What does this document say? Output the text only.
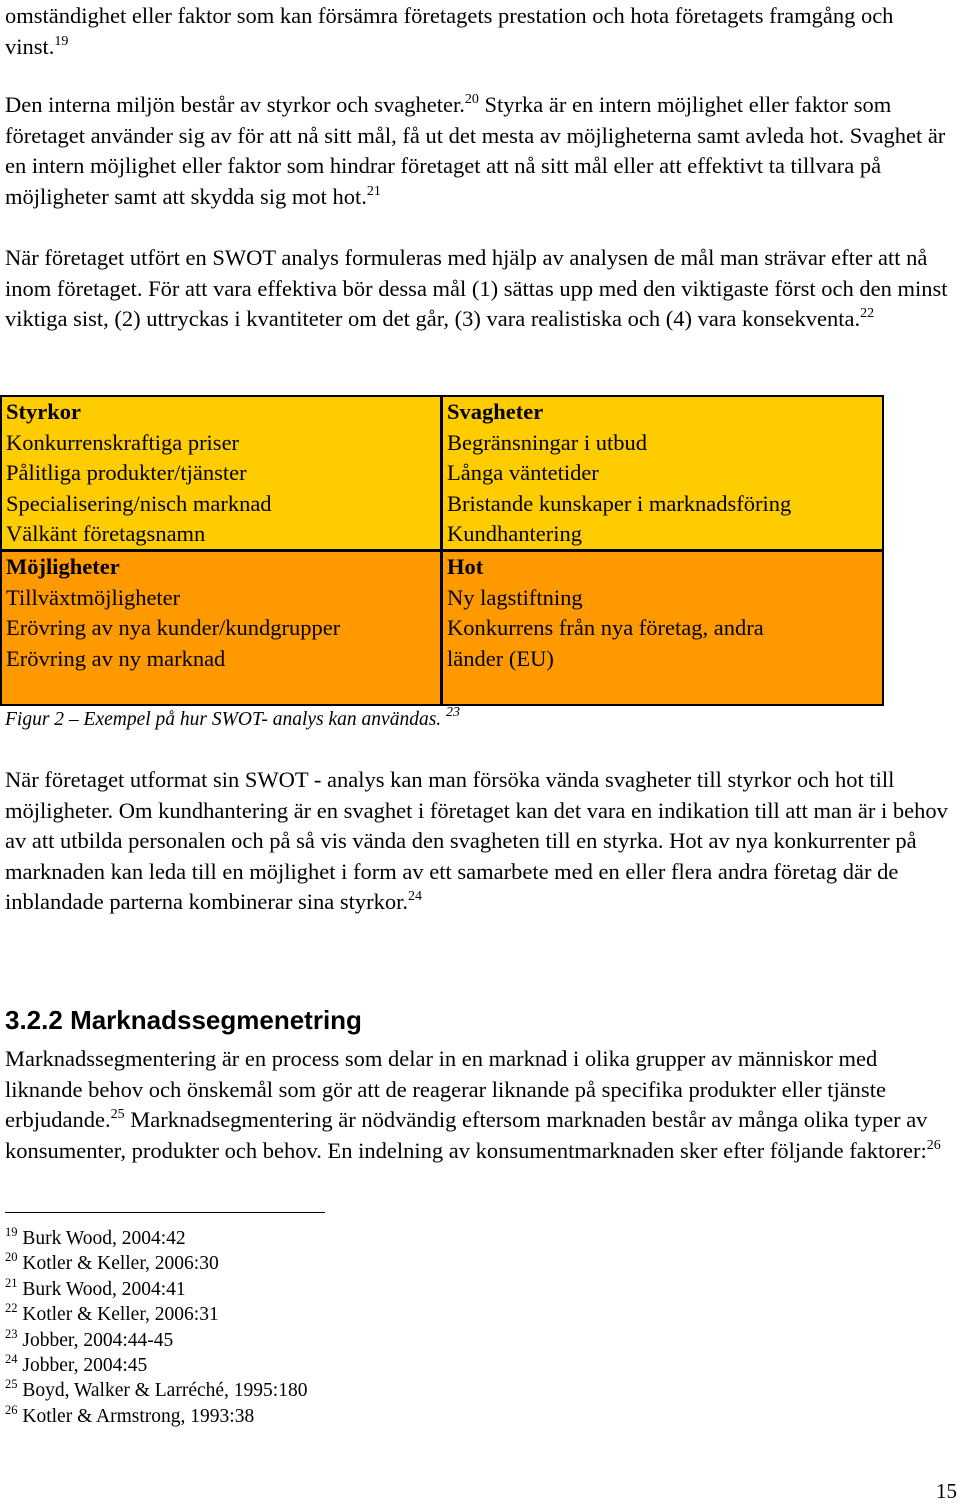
omständighet eller faktor som kan försämra företagets prestation och hota företagets framgång och vinst.$^{19}$

Den interna miljön består av styrkor och svagheter.$^{20}$ Styrka är en intern möjlighet eller faktor som företaget använder sig av för att nå sitt mål, få ut det mesta av möjligheterna samt avleda hot. Svaghet är en intern möjlighet eller faktor som hindrar företaget att nå sitt mål eller att effektivt ta tillvara på möjligheter samt att skydda sig mot hot.$^{21}$

När företaget utfört en SWOT analys formuleras med hjälp av analysen de mål man strävar efter att nå inom företaget. För att vara effektiva bör dessa mål (1) sättas upp med den viktigaste först och den minst viktiga sist, (2) uttryckas i kvantiteter om det går, (3) vara realistiska och (4) vara konsekventa.$^{22}$

Styrkor
Konkurrenskraftiga priser
Pålitliga produkter/tjänster
Specialisering/nisch marknad
Välkänt företagsnamn
Svagheter
Begränsningar i utbud
Långa väntetider
Bristande kunskaper i marknadsföring
Kundhantering
Möjligheter
Tillväxtmöjligheter
Erövring av nya kunder/kundgrupper
Erövring av ny marknad
Hot
Ny lagstiftning
Konkurrens från nya företag, andra
länder (EU)
Figur 2 – Exempel på hur SWOT- analys kan användas. $^{23}$

När företaget utformat sin SWOT - analys kan man försöka vända svagheter till styrkor och hot till möjligheter. Om kundhantering är en svaghet i företaget kan det vara en indikation till att man är i behov av att utbilda personalen och på så vis vända den svagheten till en styrka. Hot av nya konkurrenter på marknaden kan leda till en möjlighet i form av ett samarbete med en eller flera andra företag där de inblandade parterna kombinerar sina styrkor.$^{24}$

3.2.2 Marknadssegmenetring

Marknadssegmentering är en process som delar in en marknad i olika grupper av människor med liknande behov och önskemål som gör att de reagerar liknande på specifika produkter eller tjänste erbjudande.$^{25}$ Marknadsegmentering är nödvändig eftersom marknaden består av många olika typer av konsumenter, produkter och behov. En indelning av konsumentmarknaden sker efter följande faktorer:$^{26}$

$^{19}$ Burk Wood, 2004:42
$^{20}$ Kotler & Keller, 2006:30
$^{21}$ Burk Wood, 2004:41
$^{22}$ Kotler & Keller, 2006:31
$^{23}$ Jobber, 2004:44-45
$^{24}$ Jobber, 2004:45
$^{25}$ Boyd, Walker & Larréché, 1995:180
$^{26}$ Kotler & Armstrong, 1993:38
15
